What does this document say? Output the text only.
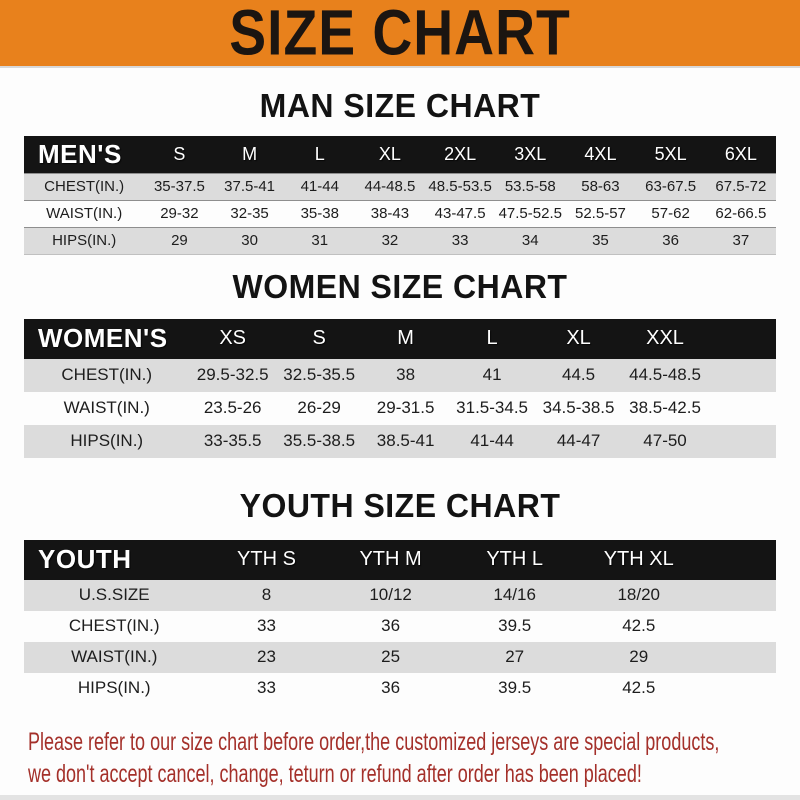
SIZE CHART
MAN SIZE CHART
MEN'S	S	M	L	XL	2XL	3XL	4XL	5XL	6XL
CHEST(IN.)	35-37.5	37.5-41	41-44	44-48.5	48.5-53.5	53.5-58	58-63	63-67.5	67.5-72
WAIST(IN.)	29-32	32-35	35-38	38-43	43-47.5	47.5-52.5	52.5-57	57-62	62-66.5
HIPS(IN.)	29	30	31	32	33	34	35	36	37
WOMEN SIZE CHART
WOMEN'S	XS	S	M	L	XL	XXL	
CHEST(IN.)	29.5-32.5	32.5-35.5	38	41	44.5	44.5-48.5	
WAIST(IN.)	23.5-26	26-29	29-31.5	31.5-34.5	34.5-38.5	38.5-42.5	
HIPS(IN.)	33-35.5	35.5-38.5	38.5-41	41-44	44-47	47-50	
YOUTH SIZE CHART
YOUTH	YTH S	YTH M	YTH L	YTH XL	
U.S.SIZE	8	10/12	14/16	18/20	
CHEST(IN.)	33	36	39.5	42.5	
WAIST(IN.)	23	25	27	29	
HIPS(IN.)	33	36	39.5	42.5	

Please refer to our size chart before order,the customized jerseys are special products,

we don't accept cancel, change, teturn or refund after order has been placed!
